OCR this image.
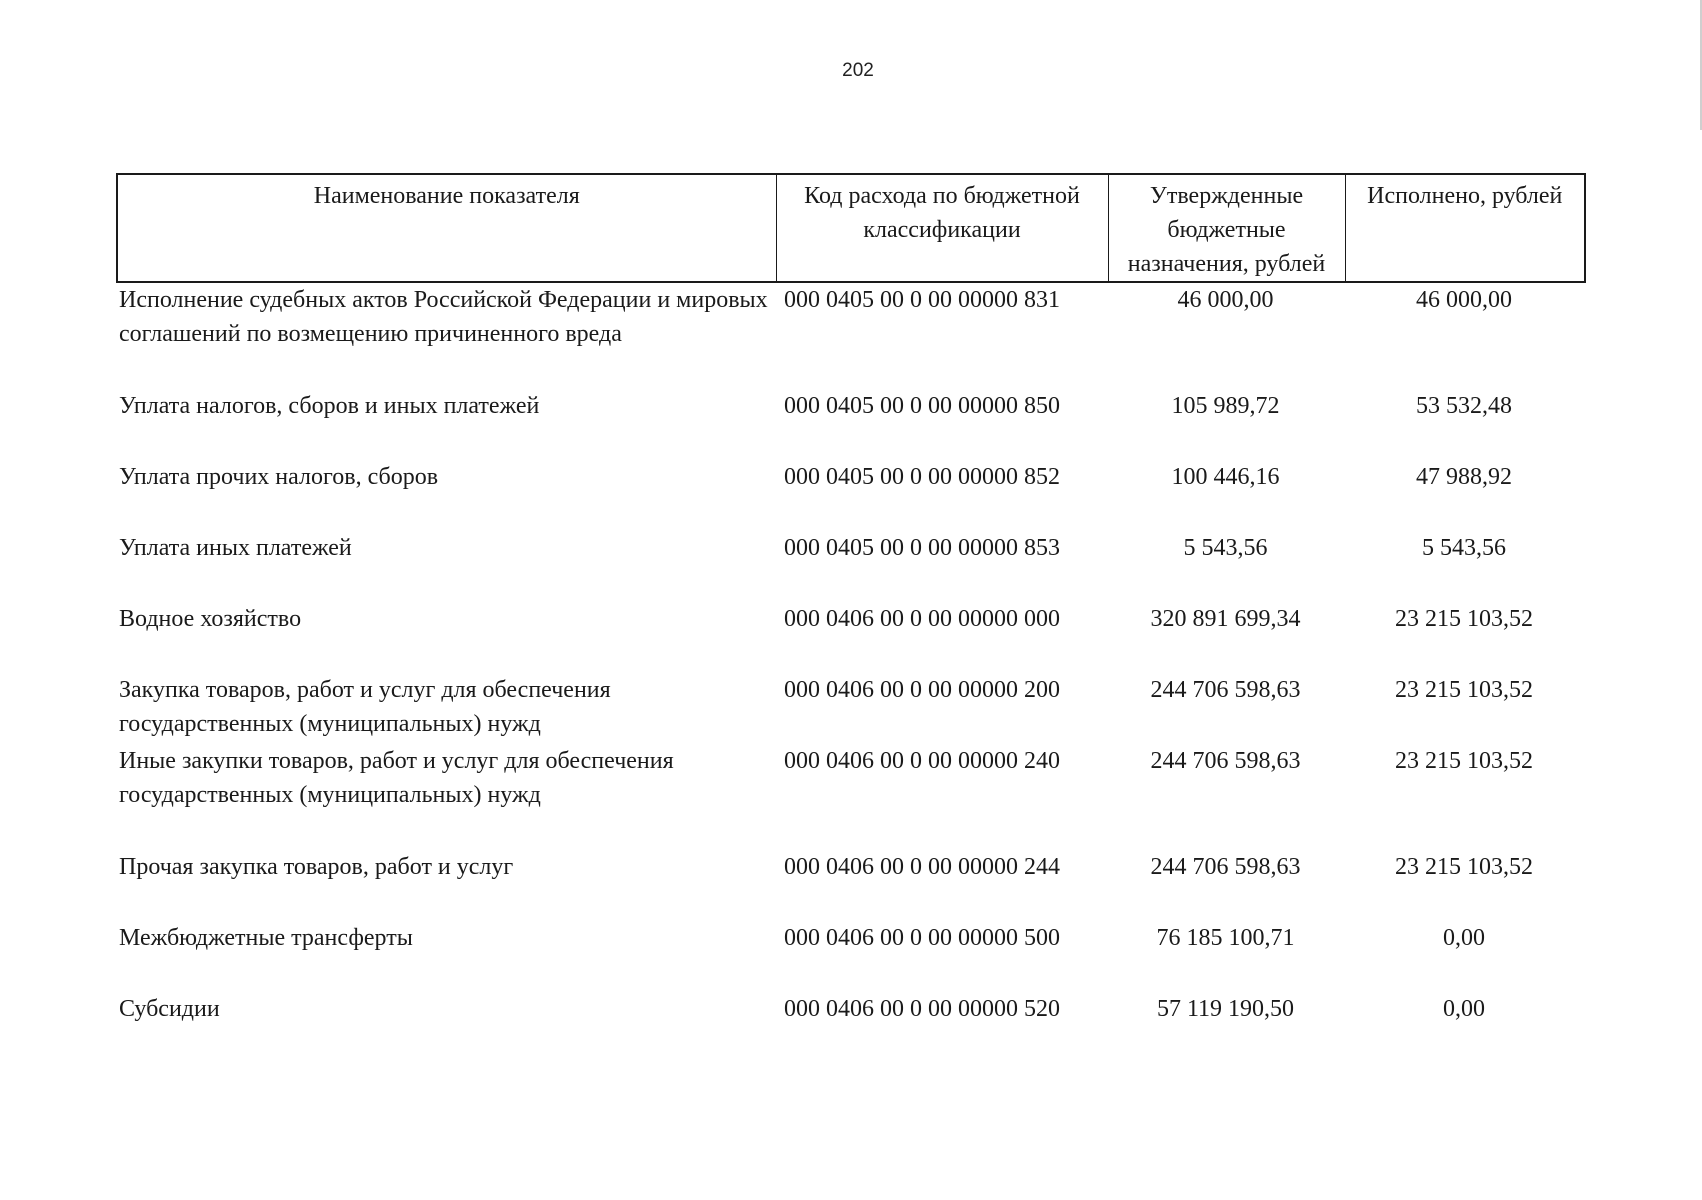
202
Наименование показателя	Код расхода по бюджетной классификации	Утвержденные бюджетные назначения, рублей	Исполнено, рублей
Исполнение судебных актов Российской Федерации и мировых соглашений по возмещению причиненного вреда	000 0405 00 0 00 00000 831	46 000,00	46 000,00
Уплата налогов, сборов и иных платежей	000 0405 00 0 00 00000 850	105 989,72	53 532,48
Уплата прочих налогов, сборов	000 0405 00 0 00 00000 852	100 446,16	47 988,92
Уплата иных платежей	000 0405 00 0 00 00000 853	5 543,56	5 543,56
Водное хозяйство	000 0406 00 0 00 00000 000	320 891 699,34	23 215 103,52
Закупка товаров, работ и услуг для обеспечения государственных (муниципальных) нужд	000 0406 00 0 00 00000 200	244 706 598,63	23 215 103,52
Иные закупки товаров, работ и услуг для обеспечения государственных (муниципальных) нужд	000 0406 00 0 00 00000 240	244 706 598,63	23 215 103,52
Прочая закупка товаров, работ и услуг	000 0406 00 0 00 00000 244	244 706 598,63	23 215 103,52
Межбюджетные трансферты	000 0406 00 0 00 00000 500	76 185 100,71	0,00
Субсидии	000 0406 00 0 00 00000 520	57 119 190,50	0,00
